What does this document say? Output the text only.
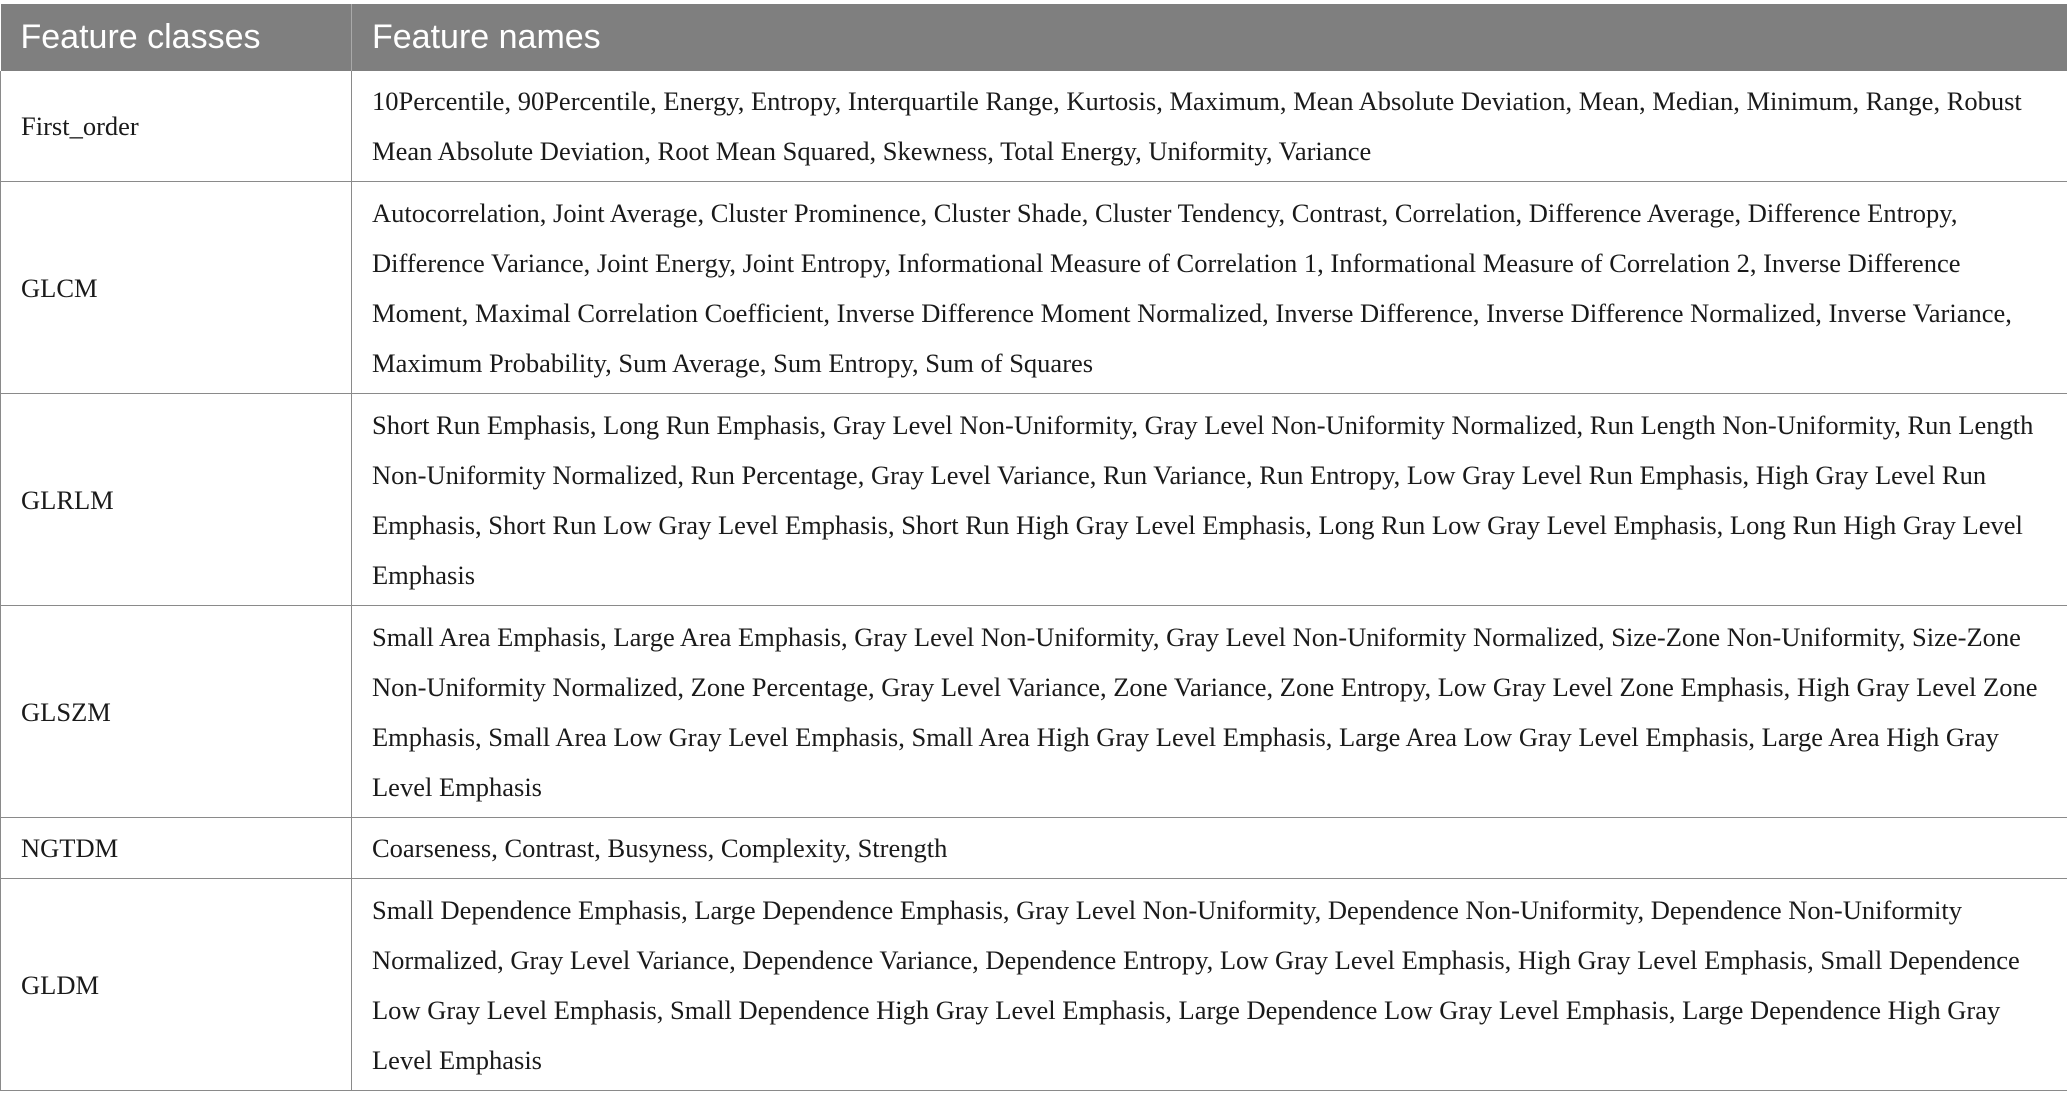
Feature classes	Feature names
First_order	10Percentile, 90Percentile, Energy, Entropy, Interquartile Range, Kurtosis, Maximum, Mean Absolute Deviation, Mean, Median, Minimum, Range, Robust Mean Absolute Deviation, Root Mean Squared, Skewness, Total Energy, Uniformity, Variance
GLCM	Autocorrelation, Joint Average, Cluster Prominence, Cluster Shade, Cluster Tendency, Contrast, Correlation, Difference Average, Difference Entropy, Difference Variance, Joint Energy, Joint Entropy, Informational Measure of Correlation 1, Informational Measure of Correlation 2, Inverse Difference Moment, Maximal Correlation Coefficient, Inverse Difference Moment Normalized, Inverse Difference, Inverse Difference Normalized, Inverse Variance, Maximum Probability, Sum Average, Sum Entropy, Sum of Squares
GLRLM	Short Run Emphasis, Long Run Emphasis, Gray Level Non-Uniformity, Gray Level Non-Uniformity Normalized, Run Length Non-Uniformity, Run Length Non-Uniformity Normalized, Run Percentage, Gray Level Variance, Run Variance, Run Entropy, Low Gray Level Run Emphasis, High Gray Level Run Emphasis, Short Run Low Gray Level Emphasis, Short Run High Gray Level Emphasis, Long Run Low Gray Level Emphasis, Long Run High Gray Level Emphasis
GLSZM	Small Area Emphasis, Large Area Emphasis, Gray Level Non-Uniformity, Gray Level Non-Uniformity Normalized, Size-Zone Non-Uniformity, Size-Zone Non-Uniformity Normalized, Zone Percentage, Gray Level Variance, Zone Variance, Zone Entropy, Low Gray Level Zone Emphasis, High Gray Level Zone Emphasis, Small Area Low Gray Level Emphasis, Small Area High Gray Level Emphasis, Large Area Low Gray Level Emphasis, Large Area High Gray Level Emphasis
NGTDM	Coarseness, Contrast, Busyness, Complexity, Strength
GLDM	Small Dependence Emphasis, Large Dependence Emphasis, Gray Level Non-Uniformity, Dependence Non-Uniformity, Dependence Non-Uniformity Normalized, Gray Level Variance, Dependence Variance, Dependence Entropy, Low Gray Level Emphasis, High Gray Level Emphasis, Small Dependence Low Gray Level Emphasis, Small Dependence High Gray Level Emphasis, Large Dependence Low Gray Level Emphasis, Large Dependence High Gray Level Emphasis
